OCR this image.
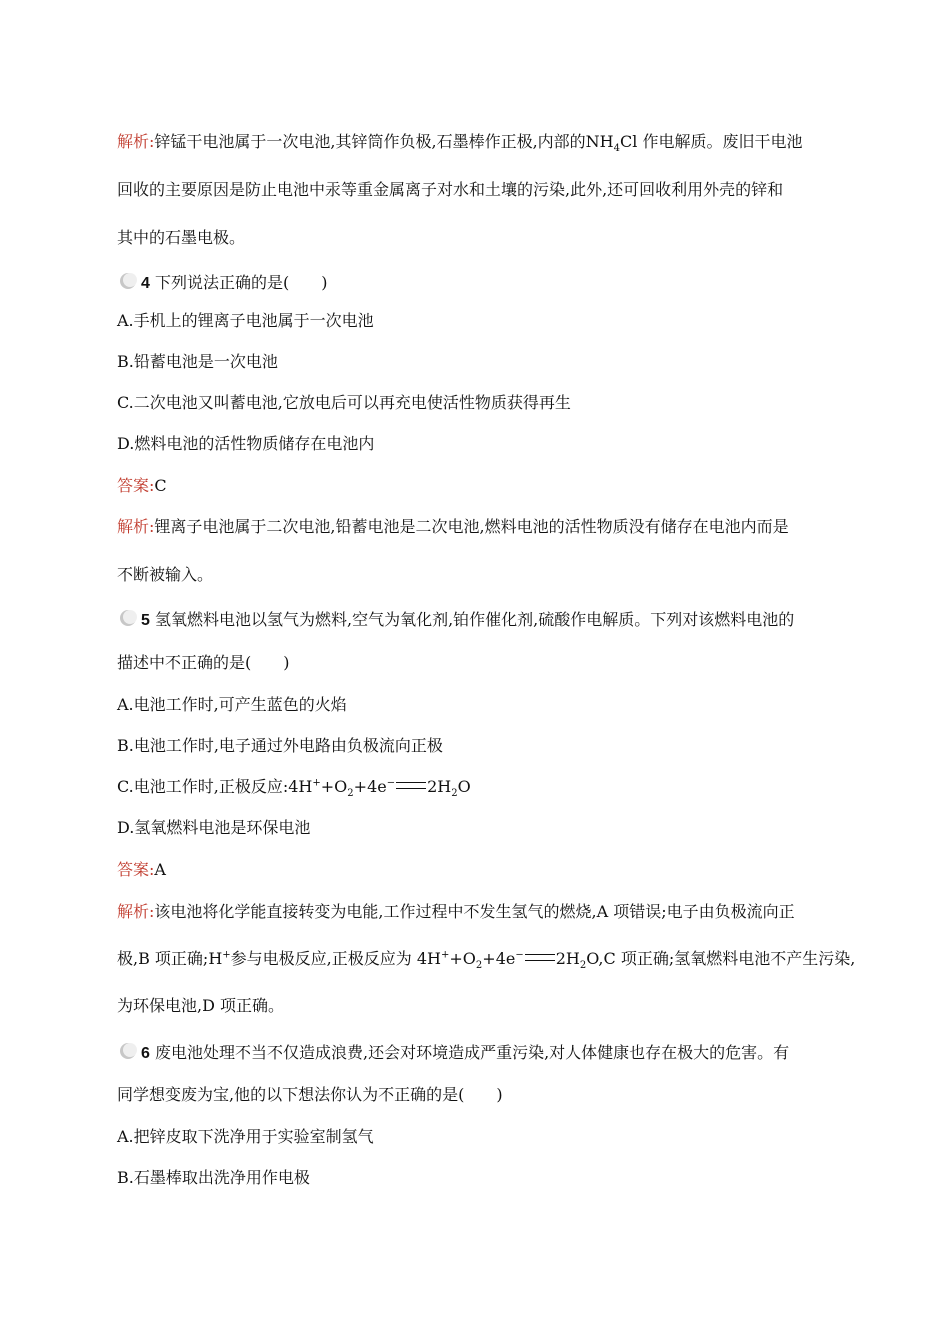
解析:锌锰干电池属于一次电池,其锌筒作负极,石墨棒作正极,内部的$NH_4Cl$ 作电解质。废旧干电池
回收的主要原因是防止电池中汞等重金属离子对水和土壤的污染,此外,还可回收利用外壳的锌和
其中的石墨电极。
4 下列说法正确的是(　　)
A.手机上的锂离子电池属于一次电池
B.铅蓄电池是一次电池
C.二次电池又叫蓄电池,它放电后可以再充电使活性物质获得再生
D.燃料电池的活性物质储存在电池内
答案:C
解析:锂离子电池属于二次电池,铅蓄电池是二次电池,燃料电池的活性物质没有储存在电池内而是
不断被输入。
5 氢氧燃料电池以氢气为燃料,空气为氧化剂,铂作催化剂,硫酸作电解质。下列对该燃料电池的
描述中不正确的是(　　)
A.电池工作时,可产生蓝色的火焰
B.电池工作时,电子通过外电路由负极流向正极
C.电池工作时,正极反应$:4H^++O_2+4e^-$ $2H_2O$
D.氢氧燃料电池是环保电池
答案:A
解析:该电池将化学能直接转变为电能,工作过程中不发生氢气的燃烧,A 项错误;电子由负极流向正
极,B 项正确;H+参与电极反应,正极反应为 $4H^++O_2+4e^-$ $2H_2O,C$ 项正确;氢氧燃料电池不产生污染,
为环保电池,D 项正确。
6 废电池处理不当不仅造成浪费,还会对环境造成严重污染,对人体健康也存在极大的危害。有
同学想变废为宝,他的以下想法你认为不正确的是(　　)
A.把锌皮取下洗净用于实验室制氢气
B.石墨棒取出洗净用作电极
